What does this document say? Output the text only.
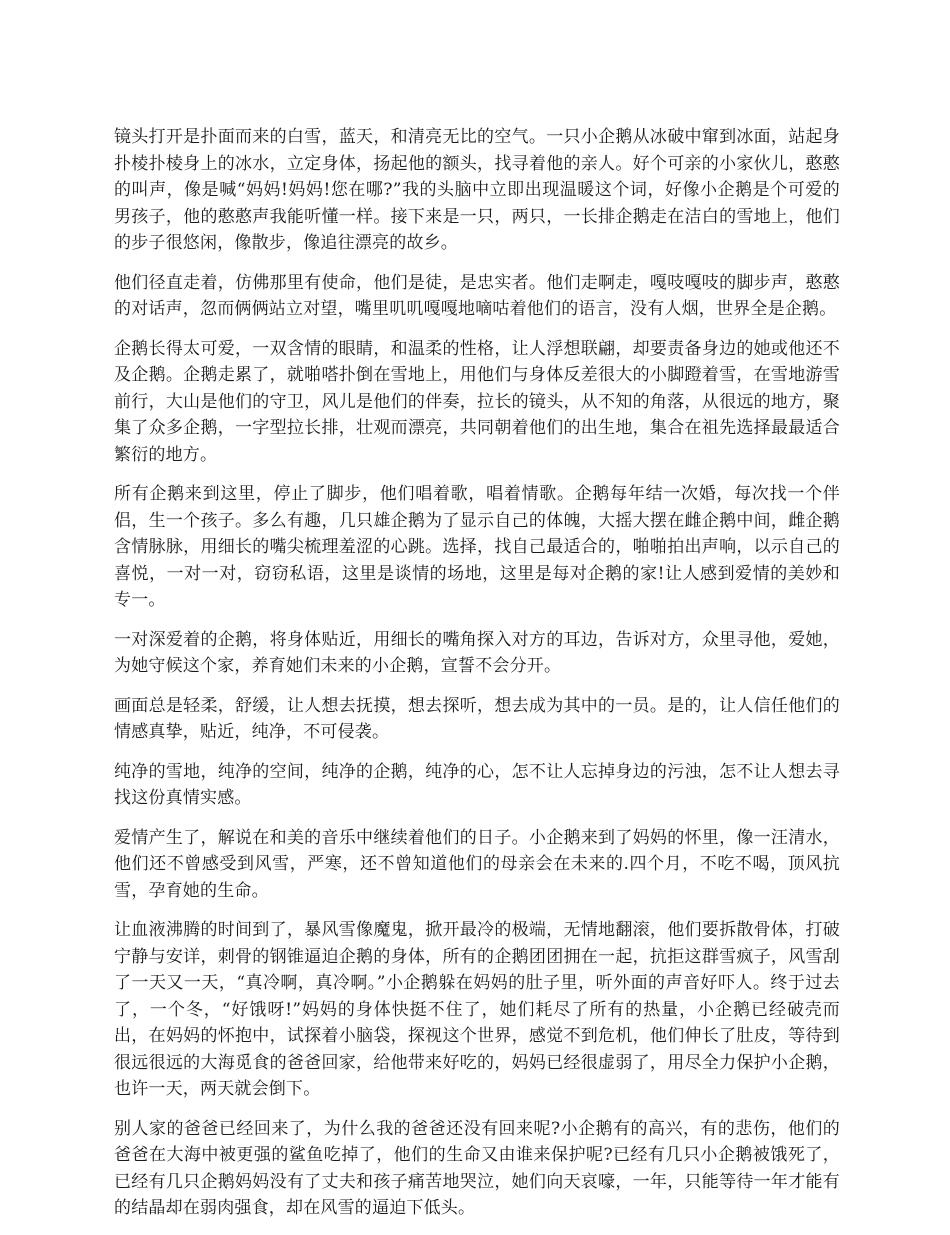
镜头打开是扑面而来的白雪，蓝天，和清亮无比的空气。一只小企鹅从冰破中窜到冰面，站起身扑棱扑棱身上的冰水，立定身体，扬起他的额头，找寻着他的亲人。好个可亲的小家伙儿，憨憨的叫声，像是喊“妈妈!妈妈!您在哪?”我的头脑中立即出现温暖这个词，好像小企鹅是个可爱的男孩子，他的憨憨声我能听懂一样。接下来是一只，两只，一长排企鹅走在洁白的雪地上，他们的步子很悠闲，像散步，像追往漂亮的故乡。

他们径直走着，仿佛那里有使命，他们是徒，是忠实者。他们走啊走，嘎吱嘎吱的脚步声，憨憨的对话声，忽而俩俩站立对望，嘴里叽叽嘎嘎地嘀咕着他们的语言，没有人烟，世界全是企鹅。

企鹅长得太可爱，一双含情的眼睛，和温柔的性格，让人浮想联翩，却要责备身边的她或他还不及企鹅。企鹅走累了，就啪嗒扑倒在雪地上，用他们与身体反差很大的小脚蹬着雪，在雪地游雪前行，大山是他们的守卫，风儿是他们的伴奏，拉长的镜头，从不知的角落，从很远的地方，聚集了众多企鹅，一字型拉长排，壮观而漂亮，共同朝着他们的出生地，集合在祖先选择最最适合繁衍的地方。

所有企鹅来到这里，停止了脚步，他们唱着歌，唱着情歌。企鹅每年结一次婚，每次找一个伴侣，生一个孩子。多么有趣，几只雄企鹅为了显示自己的体魄，大摇大摆在雌企鹅中间，雌企鹅含情脉脉，用细长的嘴尖梳理羞涩的心跳。选择，找自己最适合的，啪啪拍出声响，以示自己的喜悦，一对一对，窃窃私语，这里是谈情的场地，这里是每对企鹅的家!让人感到爱情的美妙和专一。

一对深爱着的企鹅，将身体贴近，用细长的嘴角探入对方的耳边，告诉对方，众里寻他，爱她，为她守候这个家，养育她们未来的小企鹅，宣誓不会分开。

画面总是轻柔，舒缓，让人想去抚摸，想去探听，想去成为其中的一员。是的，让人信任他们的情感真挚，贴近，纯净，不可侵袭。

纯净的雪地，纯净的空间，纯净的企鹅，纯净的心，怎不让人忘掉身边的污浊，怎不让人想去寻找这份真情实感。

爱情产生了，解说在和美的音乐中继续着他们的日子。小企鹅来到了妈妈的怀里，像一汪清水，他们还不曾感受到风雪，严寒，还不曾知道他们的母亲会在未来的.四个月，不吃不喝，顶风抗雪，孕育她的生命。

让血液沸腾的时间到了，暴风雪像魔鬼，掀开最冷的极端，无情地翻滚，他们要拆散骨体，打破宁静与安详，刺骨的钢锥逼迫企鹅的身体，所有的企鹅团团拥在一起，抗拒这群雪疯子，风雪刮了一天又一天，“真冷啊，真冷啊。”小企鹅躲在妈妈的肚子里，听外面的声音好吓人。终于过去了，一个冬，“好饿呀!”妈妈的身体快挺不住了，她们耗尽了所有的热量，小企鹅已经破壳而出，在妈妈的怀抱中，试探着小脑袋，探视这个世界，感觉不到危机，他们伸长了肚皮，等待到很远很远的大海觅食的爸爸回家，给他带来好吃的，妈妈已经很虚弱了，用尽全力保护小企鹅，也许一天，两天就会倒下。

别人家的爸爸已经回来了，为什么我的爸爸还没有回来呢?小企鹅有的高兴，有的悲伤，他们的爸爸在大海中被更强的鲨鱼吃掉了，他们的生命又由谁来保护呢?已经有几只小企鹅被饿死了，已经有几只企鹅妈妈没有了丈夫和孩子痛苦地哭泣，她们向天哀嚎，一年，只能等待一年才能有的结晶却在弱肉强食，却在风雪的逼迫下低头。
